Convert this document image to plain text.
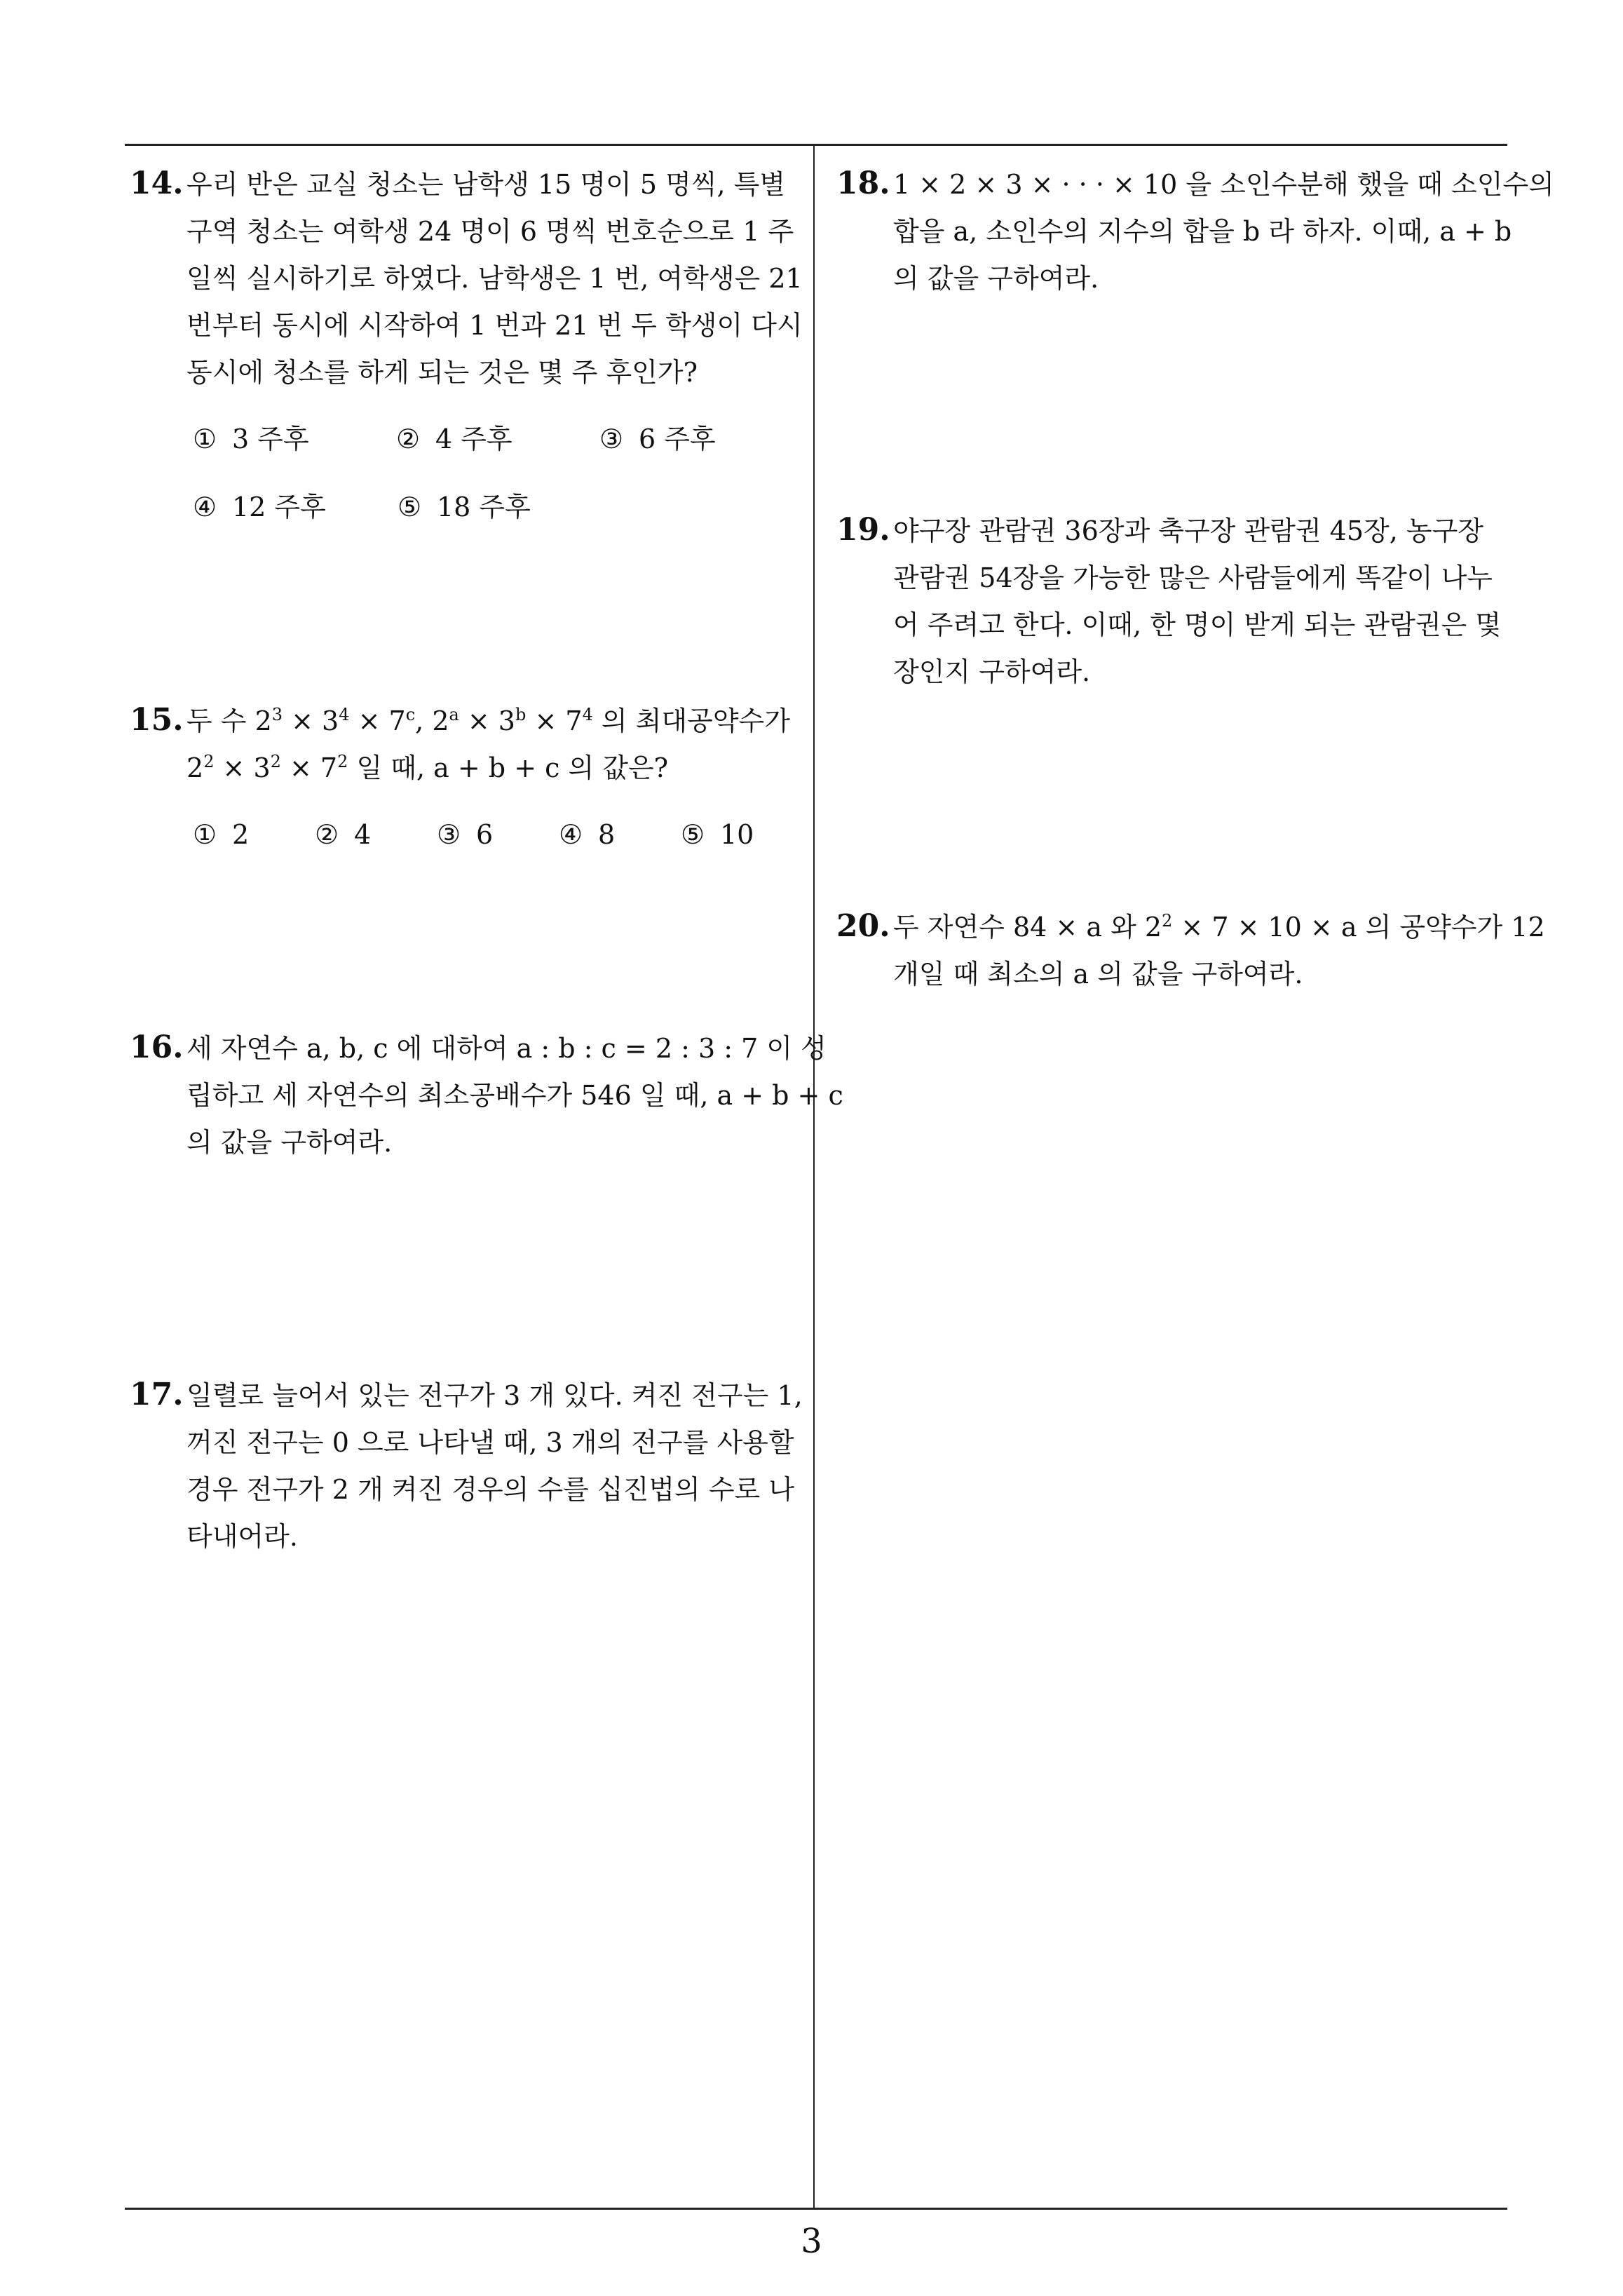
14. 우리 반은 교실 청소는 남학생 15 명이 5 명씩, 특별
구역 청소는 여학생 24 명이 6 명씩 번호순으로 1 주
일씩 실시하기로 하였다. 남학생은 1 번, 여학생은 21
번부터 동시에 시작하여 1 번과 21 번 두 학생이 다시
동시에 청소를 하게 되는 것은 몇 주 후인가?
① 3 주후	② 4 주후	③ 6 주후
④ 12 주후	⑤ 18 주후
15. 두 수 $2^3 \times 3^4 \times 7^c$, $2^a \times 3^b \times 7^4$ 의 최대공약수가
$2^2 \times 3^2 \times 7^2$ 일 때, a + b + c 의 값은?
① 2	② 4	③ 6	④ 8	⑤ 10
16. 세 자연수 a, b, c 에 대하여 a : b : c = 2 : 3 : 7 이 성
립하고 세 자연수의 최소공배수가 546 일 때, a + b + c
의 값을 구하여라.
17. 일렬로 늘어서 있는 전구가 3 개 있다. 켜진 전구는 1,
꺼진 전구는 0 으로 나타낼 때, 3 개의 전구를 사용할
경우 전구가 2 개 켜진 경우의 수를 십진법의 수로 나
타내어라.
18. 1 × 2 × 3 × · · · × 10 을 소인수분해 했을 때 소인수의
합을 a, 소인수의 지수의 합을 b 라 하자. 이때, a + b
의 값을 구하여라.
19. 야구장 관람권 36장과 축구장 관람권 45장, 농구장
관람권 54장을 가능한 많은 사람들에게 똑같이 나누
어 주려고 한다. 이때, 한 명이 받게 되는 관람권은 몇
장인지 구하여라.
20. 두 자연수 84 × a 와 $2^2 \times 7 \times 10 \times a$ 의 공약수가 12
개일 때 최소의 a 의 값을 구하여라.
3
